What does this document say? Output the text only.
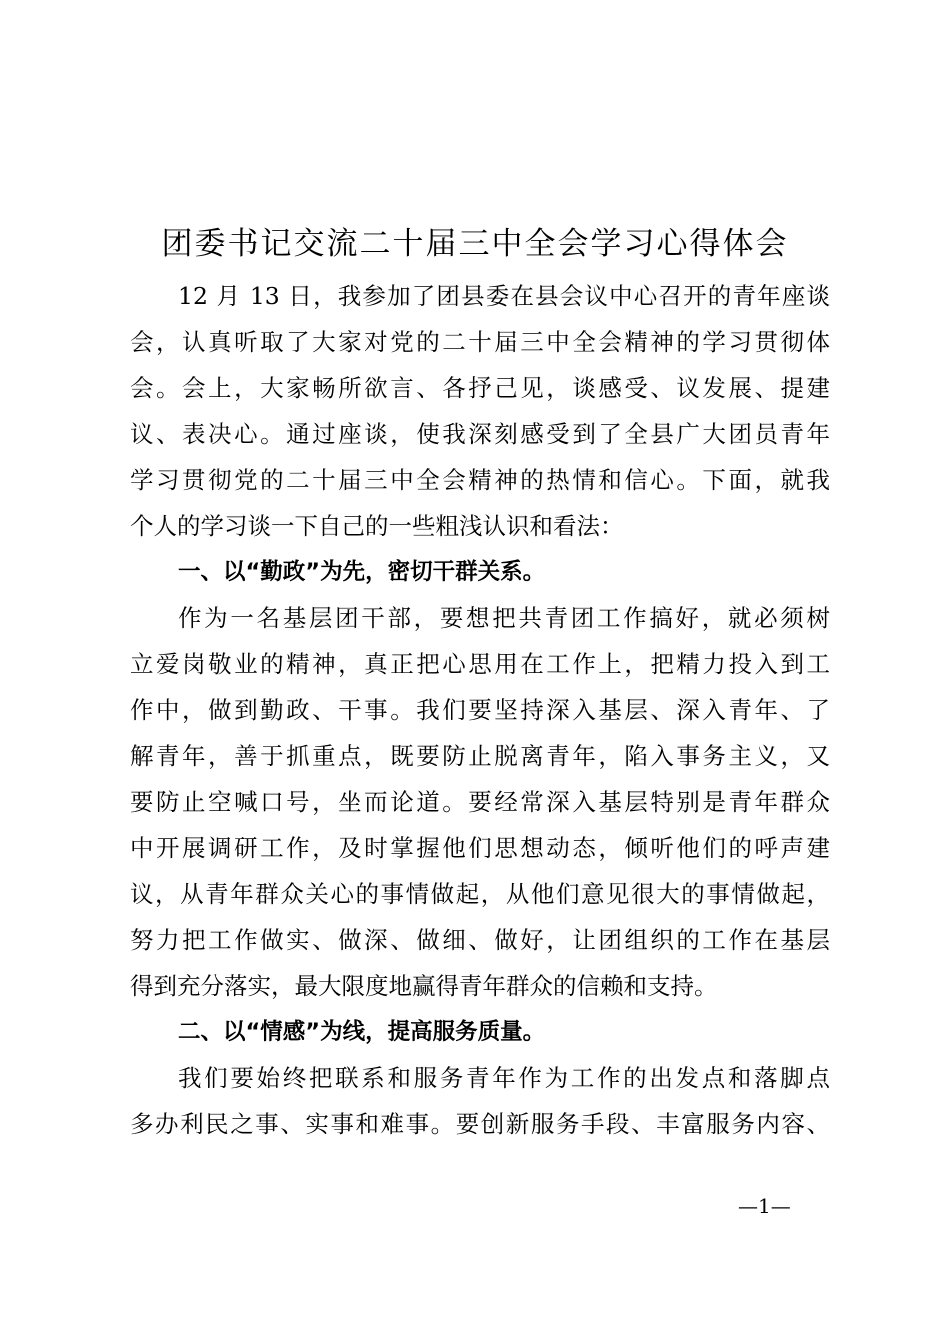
团委书记交流二十届三中全会学习心得体会
12 月 13 日，我参加了团县委在县会议中心召开的青年座谈
会，认真听取了大家对党的二十届三中全会精神的学习贯彻体
会。会上，大家畅所欲言、各抒己见，谈感受、议发展、提建
议、表决心。通过座谈，使我深刻感受到了全县广大团员青年
学习贯彻党的二十届三中全会精神的热情和信心。下面，就我
个人的学习谈一下自己的一些粗浅认识和看法：
一、以“勤政”为先，密切干群关系。
作为一名基层团干部，要想把共青团工作搞好，就必须树
立爱岗敬业的精神，真正把心思用在工作上，把精力投入到工
作中，做到勤政、干事。我们要坚持深入基层、深入青年、了
解青年，善于抓重点，既要防止脱离青年，陷入事务主义，又
要防止空喊口号，坐而论道。要经常深入基层特别是青年群众
中开展调研工作，及时掌握他们思想动态，倾听他们的呼声建
议，从青年群众关心的事情做起，从他们意见很大的事情做起，
努力把工作做实、做深、做细、做好，让团组织的工作在基层
得到充分落实，最大限度地赢得青年群众的信赖和支持。
二、以“情感”为线，提高服务质量。
我们要始终把联系和服务青年作为工作的出发点和落脚点
多办利民之事、实事和难事。要创新服务手段、丰富服务内容、
—1—
